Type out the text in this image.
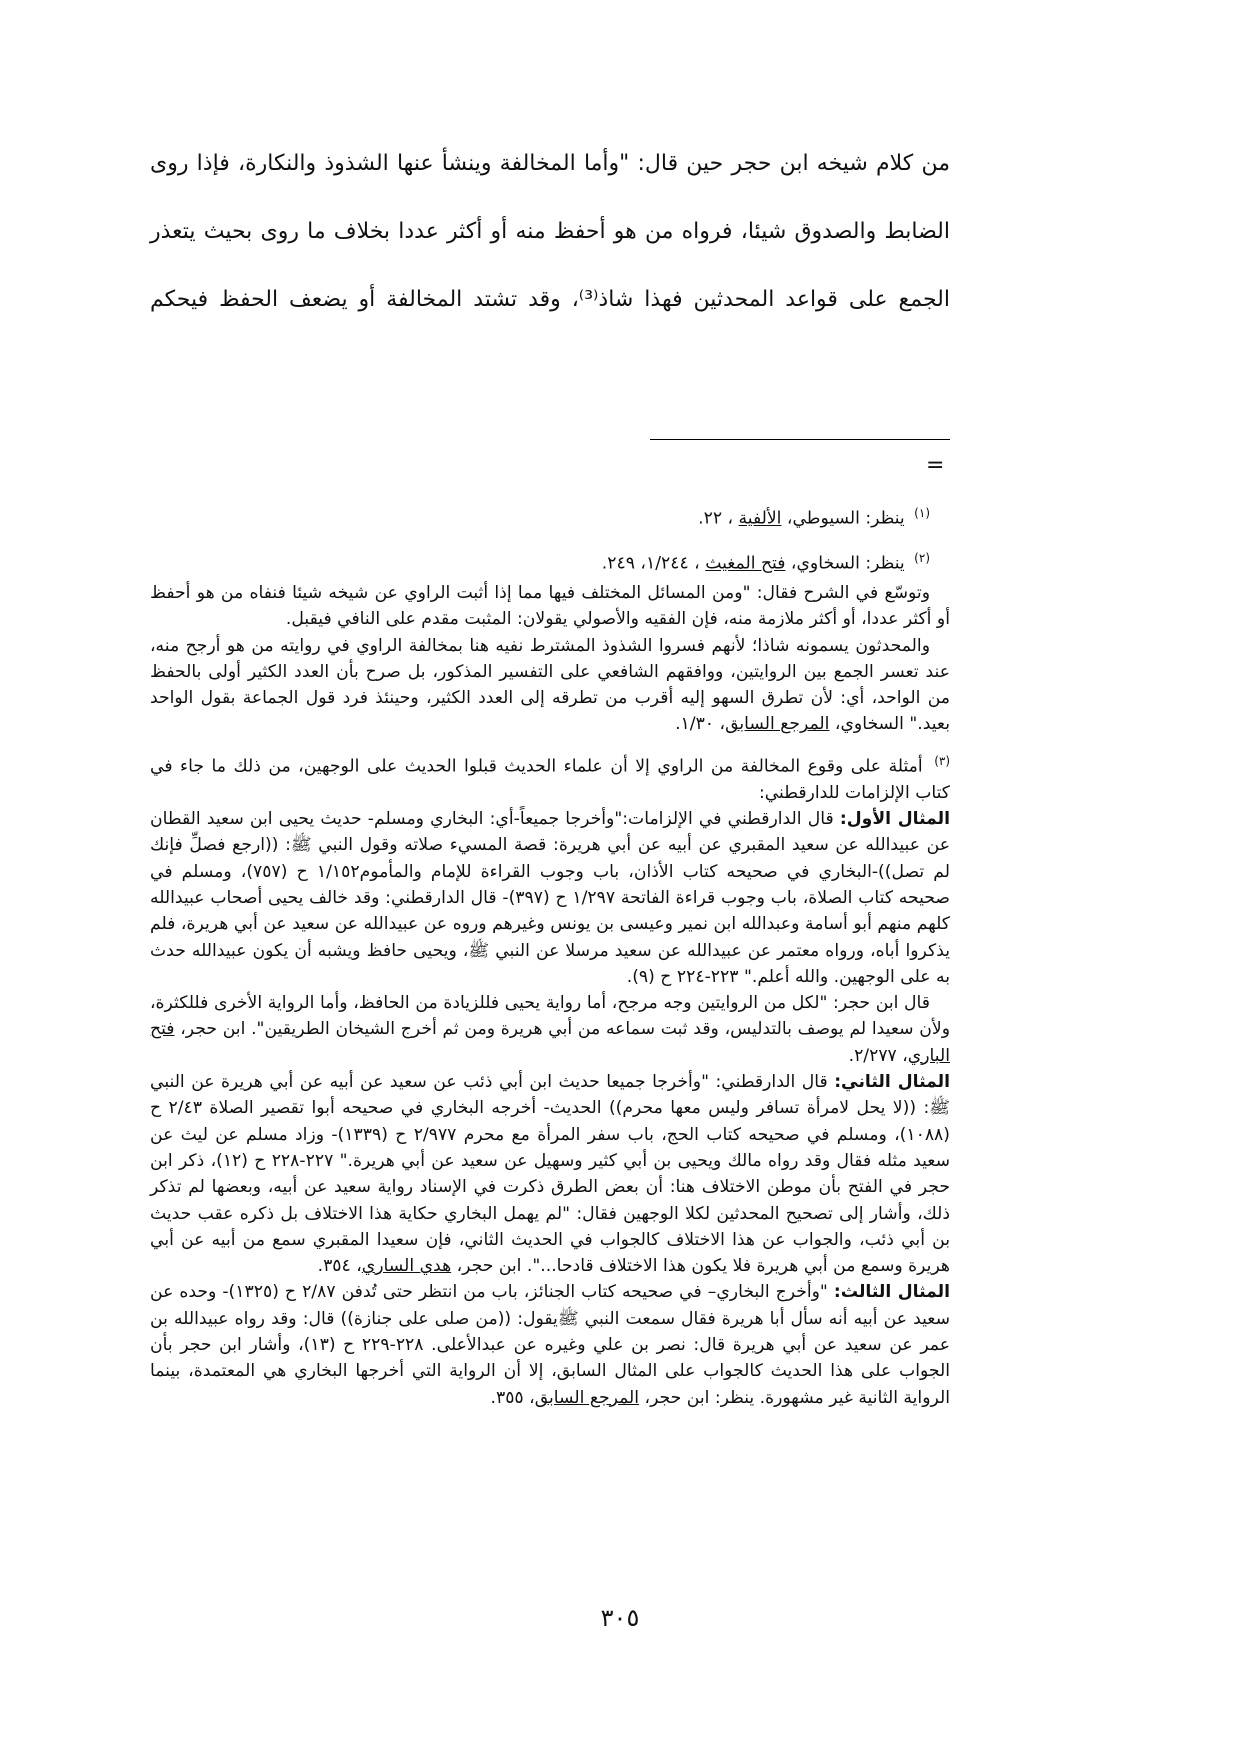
من كلام شيخه ابن حجر حين قال: "وأما المخالفة وينشأ عنها الشذوذ والنكارة، فإذا روى الضابط والصدوق شيئا، فرواه من هو أحفظ منه أو أكثر عددا بخلاف ما روى بحيث يتعذر الجمع على قواعد المحدثين فهذا شاذ⁽³⁾، وقد تشتد المخالفة أو يضعف الحفظ فيحكم

=

$^{(١)}$ ينظر: السيوطي، الألفية ، ٢٢.

$^{(٢)}$ ينظر: السخاوي، فتح المغيث ، ١/٢٤٤، ٢٤٩.

وتوسّع في الشرح فقال: "ومن المسائل المختلف فيها مما إذا أثبت الراوي عن شيخه شيئا فنفاه من هو أحفظ أو أكثر عددا، أو أكثر ملازمة منه، فإن الفقيه والأصولي يقولان: المثبت مقدم على النافي فيقبل.

والمحدثون يسمونه شاذا؛ لأنهم فسروا الشذوذ المشترط نفيه هنا بمخالفة الراوي في روايته من هو أرجح منه، عند تعسر الجمع بين الروايتين، ووافقهم الشافعي على التفسير المذكور، بل صرح بأن العدد الكثير أولى بالحفظ من الواحد، أي: لأن تطرق السهو إليه أقرب من تطرقه إلى العدد الكثير، وحينئذ فرد قول الجماعة بقول الواحد بعيد." السخاوي، المرجع السابق، ١/٣٠.

$^{(٣)}$ أمثلة على وقوع المخالفة من الراوي إلا أن علماء الحديث قبلوا الحديث على الوجهين، من ذلك ما جاء في كتاب الإلزامات للدارقطني:

المثال الأول: قال الدارقطني في الإلزامات:"وأخرجا جميعاً-أي: البخاري ومسلم- حديث يحيى ابن سعيد القطان عن عبيدالله عن سعيد المقبري عن أبيه عن أبي هريرة: قصة المسيء صلاته وقول النبي ﷺ: ((ارجع فصلِّ فإنك لم تصل))-البخاري في صحيحه كتاب الأذان، باب وجوب القراءة للإمام والمأموم١/١٥٢ ح (٧٥٧)، ومسلم في صحيحه كتاب الصلاة، باب وجوب قراءة الفاتحة ١/٢٩٧ ح (٣٩٧)- قال الدارقطني: وقد خالف يحيى أصحاب عبيدالله كلهم منهم أبو أسامة وعبدالله ابن نمير وعيسى بن يونس وغيرهم وروه عن عبيدالله عن سعيد عن أبي هريرة، فلم يذكروا أباه، ورواه معتمر عن عبيدالله عن سعيد مرسلا عن النبي ﷺ، ويحيى حافظ ويشبه أن يكون عبيدالله حدث به على الوجهين. والله أعلم." ٢٢٣-٢٢٤ ح (٩).

قال ابن حجر: "لكل من الروايتين وجه مرجح، أما رواية يحيى فللزيادة من الحافظ، وأما الرواية الأخرى فللكثرة، ولأن سعيدا لم يوصف بالتدليس، وقد ثبت سماعه من أبي هريرة ومن ثم أخرج الشيخان الطريقين". ابن حجر، فتح الباري، ٢/٢٧٧.

المثال الثاني: قال الدارقطني: "وأخرجا جميعا حديث ابن أبي ذئب عن سعيد عن أبيه عن أبي هريرة عن النبي ﷺ: ((لا يحل لامرأة تسافر وليس معها محرم)) الحديث- أخرجه البخاري في صحيحه أبوا تقصير الصلاة ٢/٤٣ ح (١٠٨٨)، ومسلم في صحيحه كتاب الحج، باب سفر المرأة مع محرم ٢/٩٧٧ ح (١٣٣٩)- وزاد مسلم عن ليث عن سعيد مثله فقال وقد رواه مالك ويحيى بن أبي كثير وسهيل عن سعيد عن أبي هريرة." ٢٢٧-٢٢٨ ح (١٢)، ذكر ابن حجر في الفتح بأن موطن الاختلاف هنا: أن بعض الطرق ذكرت في الإسناد رواية سعيد عن أبيه، وبعضها لم تذكر ذلك، وأشار إلى تصحيح المحدثين لكلا الوجهين فقال: "لم يهمل البخاري حكاية هذا الاختلاف بل ذكره عقب حديث بن أبي ذئب، والجواب عن هذا الاختلاف كالجواب في الحديث الثاني، فإن سعيدا المقبري سمع من أبيه عن أبي هريرة وسمع من أبي هريرة فلا يكون هذا الاختلاف قادحا...". ابن حجر، هدي الساري، ٣٥٤.

المثال الثالث: "وأخرج البخاري– في صحيحه كتاب الجنائز، باب من انتظر حتى تُدفن ٢/٨٧ ح (١٣٢٥)- وحده عن سعيد عن أبيه أنه سأل أبا هريرة فقال سمعت النبي ﷺيقول: ((من صلى على جنازة)) قال: وقد رواه عبيدالله بن عمر عن سعيد عن أبي هريرة قال: نصر بن علي وغيره عن عبدالأعلى. ٢٢٨-٢٢٩ ح (١٣)، وأشار ابن حجر بأن الجواب على هذا الحديث كالجواب على المثال السابق، إلا أن الرواية التي أخرجها البخاري هي المعتمدة، بينما الرواية الثانية غير مشهورة. ينظر: ابن حجر، المرجع السابق، ٣٥٥.

٣٠٥
